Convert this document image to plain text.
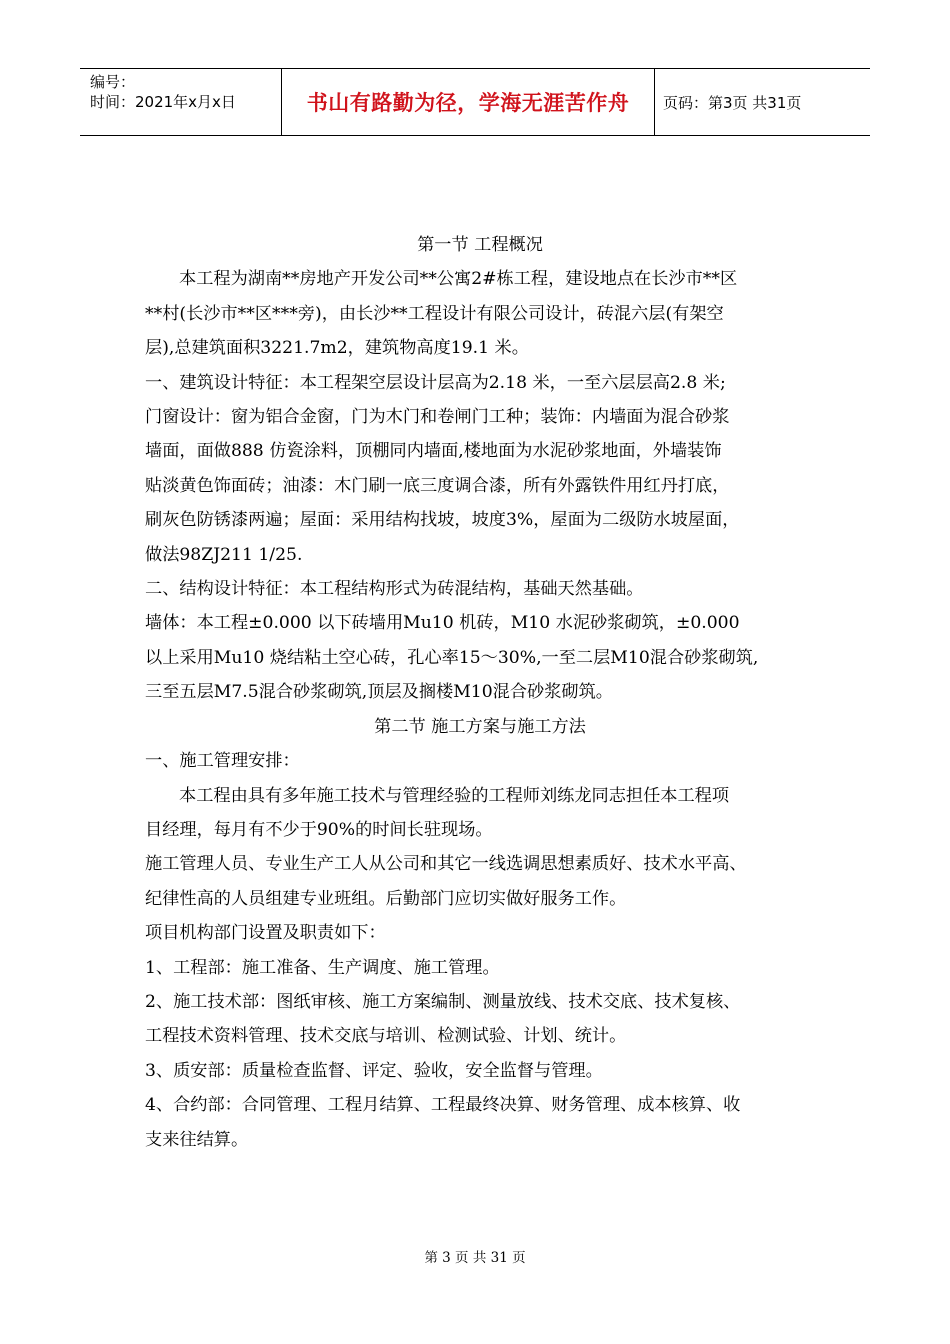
编号：
时间：2021年x月x日	书山有路勤为径，学海无涯苦作舟	页码：第3页 共31页

第一节 工程概况

本工程为湖南**房地产开发公司**公寓2#栋工程，建设地点在长沙市**区

**村(长沙市**区***旁)，由长沙**工程设计有限公司设计，砖混六层(有架空

层),总建筑面积3221.7m2，建筑物高度19.1 米。

一、建筑设计特征：本工程架空层设计层高为2.18 米，一至六层层高2.8 米;

门窗设计：窗为铝合金窗，门为木门和卷闸门工种；装饰：内墙面为混合砂浆

墙面，面做888 仿瓷涂料，顶棚同内墙面,楼地面为水泥砂浆地面，外墙装饰

贴淡黄色饰面砖；油漆：木门刷一底三度调合漆，所有外露铁件用红丹打底，

刷灰色防锈漆两遍；屋面：采用结构找坡，坡度3%，屋面为二级防水坡屋面，

做法98ZJ211 1/25.

二、结构设计特征：本工程结构形式为砖混结构，基础天然基础。

墙体：本工程±0.000 以下砖墙用Mu10 机砖，M10 水泥砂浆砌筑，±0.000

以上采用Mu10 烧结粘土空心砖，孔心率15～30%,一至二层M10混合砂浆砌筑,

三至五层M7.5混合砂浆砌筑,顶层及搁楼M10混合砂浆砌筑。

第二节 施工方案与施工方法

一、施工管理安排：

本工程由具有多年施工技术与管理经验的工程师刘练龙同志担任本工程项

目经理，每月有不少于90%的时间长驻现场。

施工管理人员、专业生产工人从公司和其它一线选调思想素质好、技术水平高、

纪律性高的人员组建专业班组。后勤部门应切实做好服务工作。

项目机构部门设置及职责如下：

1、工程部：施工准备、生产调度、施工管理。

2、施工技术部：图纸审核、施工方案编制、测量放线、技术交底、技术复核、

工程技术资料管理、技术交底与培训、检测试验、计划、统计。

3、质安部：质量检查监督、评定、验收，安全监督与管理。

4、合约部：合同管理、工程月结算、工程最终决算、财务管理、成本核算、收

支来往结算。

第 3 页 共 31 页
